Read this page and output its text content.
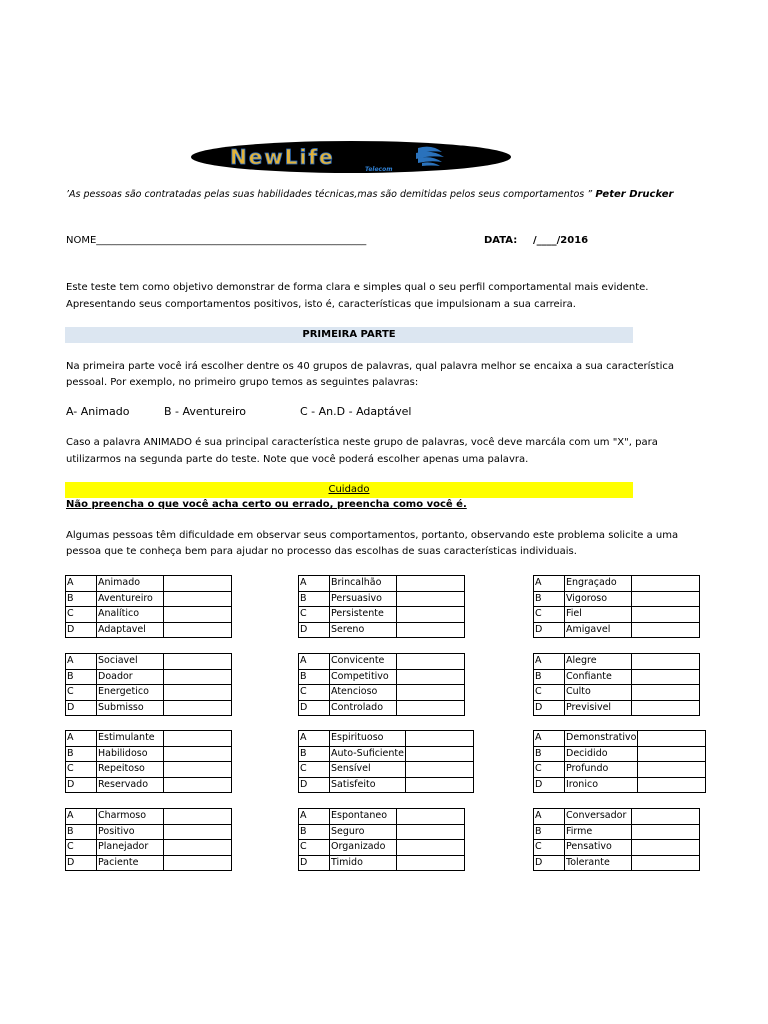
NewLife
Telecom
’As pessoas são contratadas pelas suas habilidades técnicas,mas são demitidas pelos seus comportamentos ” Peter Drucker
NOME______________________________________________________	DATA: /____/2016
Este teste tem como objetivo demonstrar de forma clara e simples qual o seu perfil comportamental mais evidente.
Apresentando seus comportamentos positivos, isto é, características que impulsionam a sua carreira.
PRIMEIRA PARTE
Na primeira parte você irá escolher dentre os 40 grupos de palavras, qual palavra melhor se encaixa a sua característica
pessoal. Por exemplo, no primeiro grupo temos as seguintes palavras:
A- Animado	B - Aventureiro	C - An.D - Adaptável
Caso a palavra ANIMADO é sua principal característica neste grupo de palavras, você deve marcála com um "X", para
utilizarmos na segunda parte do teste. Note que você poderá escolher apenas uma palavra.
Cuidado
Não preencha o que você acha certo ou errado, preencha como você é.
Algumas pessoas têm dificuldade em observar seus comportamentos, portanto, observando este problema solicite a uma
pessoa que te conheça bem para ajudar no processo das escolhas de suas características individuais.
A	Animado	
B	Aventureiro	
C	Analítico	
D	Adaptavel	
A	Brincalhão	
B	Persuasivo	
C	Persistente	
D	Sereno	
A	Engraçado	
B	Vigoroso	
C	Fiel	
D	Amigavel	
A	Sociavel	
B	Doador	
C	Energetico	
D	Submisso	
A	Convicente	
B	Competitivo	
C	Atencioso	
D	Controlado	
A	Alegre	
B	Confiante	
C	Culto	
D	Previsivel	
A	Estimulante	
B	Habilidoso	
C	Repeitoso	
D	Reservado	
A	Espirituoso	
B	Auto-Suficiente	
C	Sensível	
D	Satisfeito	
A	Demonstrativo	
B	Decidido	
C	Profundo	
D	Ironico	
A	Charmoso	
B	Positivo	
C	Planejador	
D	Paciente	
A	Espontaneo	
B	Seguro	
C	Organizado	
D	Timido	
A	Conversador	
B	Firme	
C	Pensativo	
D	Tolerante	
